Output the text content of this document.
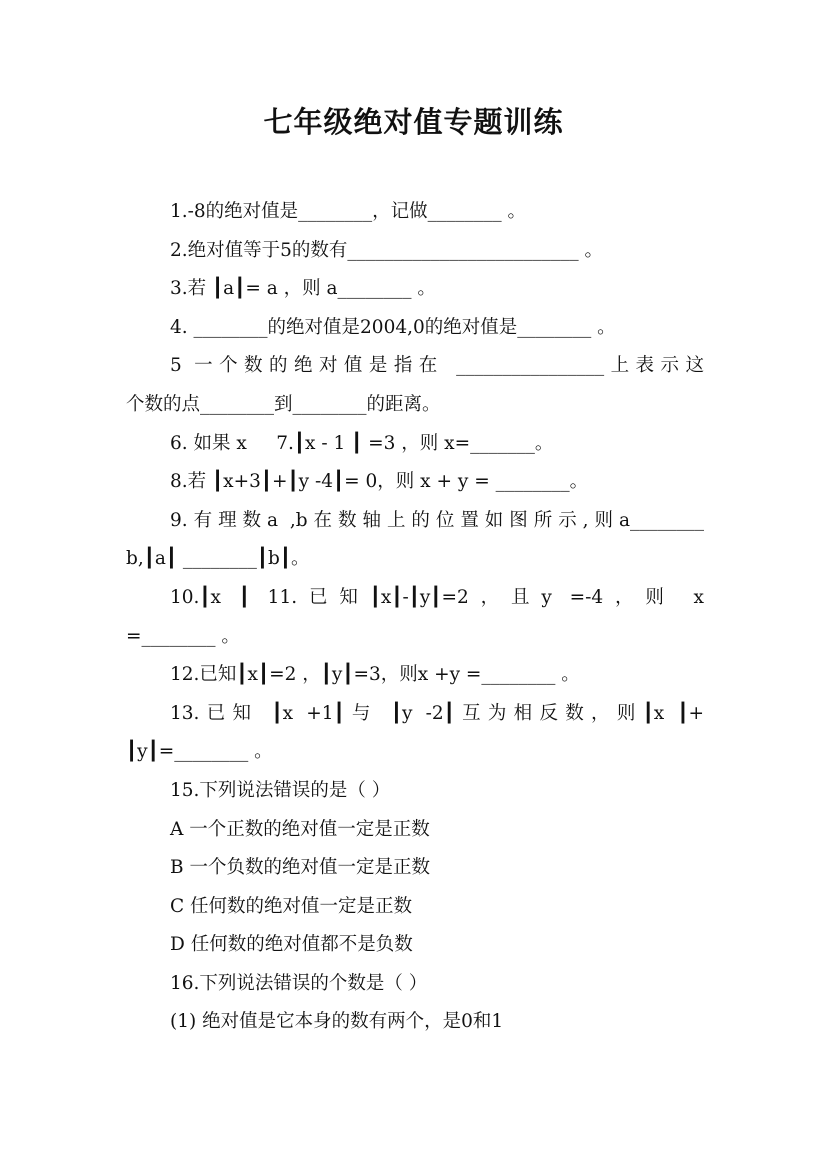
七年级绝对值专题训练
1.-8的绝对值是________，记做________ 。
2.绝对值等于5的数有_________________________ 。
3.若 ┃a┃= a ，则 a________ 。
4. ________的绝对值是2004,0的绝对值是________ 。
5 一个数的绝对值是指在 ________________上表示这
个数的点________到________的距离。
6. 如果 x     7.┃x - 1 ┃ =3 ，则 x=_______。
8.若 ┃x+3┃+┃y -4┃= 0，则 x + y = ________。
9.有理数a ,b在数轴上的位置如图所示,则a________
b,┃a┃ ________┃b┃。
10.┃x ┃ 11.已知┃x┃-┃y┃=2，且y =-4，则 x
=________ 。
12.已知┃x┃=2 ，┃y┃=3，则x +y =________ 。
13.已知 ┃x +1┃与 ┃y -2┃互为相反数，则┃x ┃+
┃y┃=________ 。
15.下列说法错误的是（ ）
A 一个正数的绝对值一定是正数
B 一个负数的绝对值一定是正数
C 任何数的绝对值一定是正数
D 任何数的绝对值都不是负数
16.下列说法错误的个数是（ ）
(1) 绝对值是它本身的数有两个，是0和1
